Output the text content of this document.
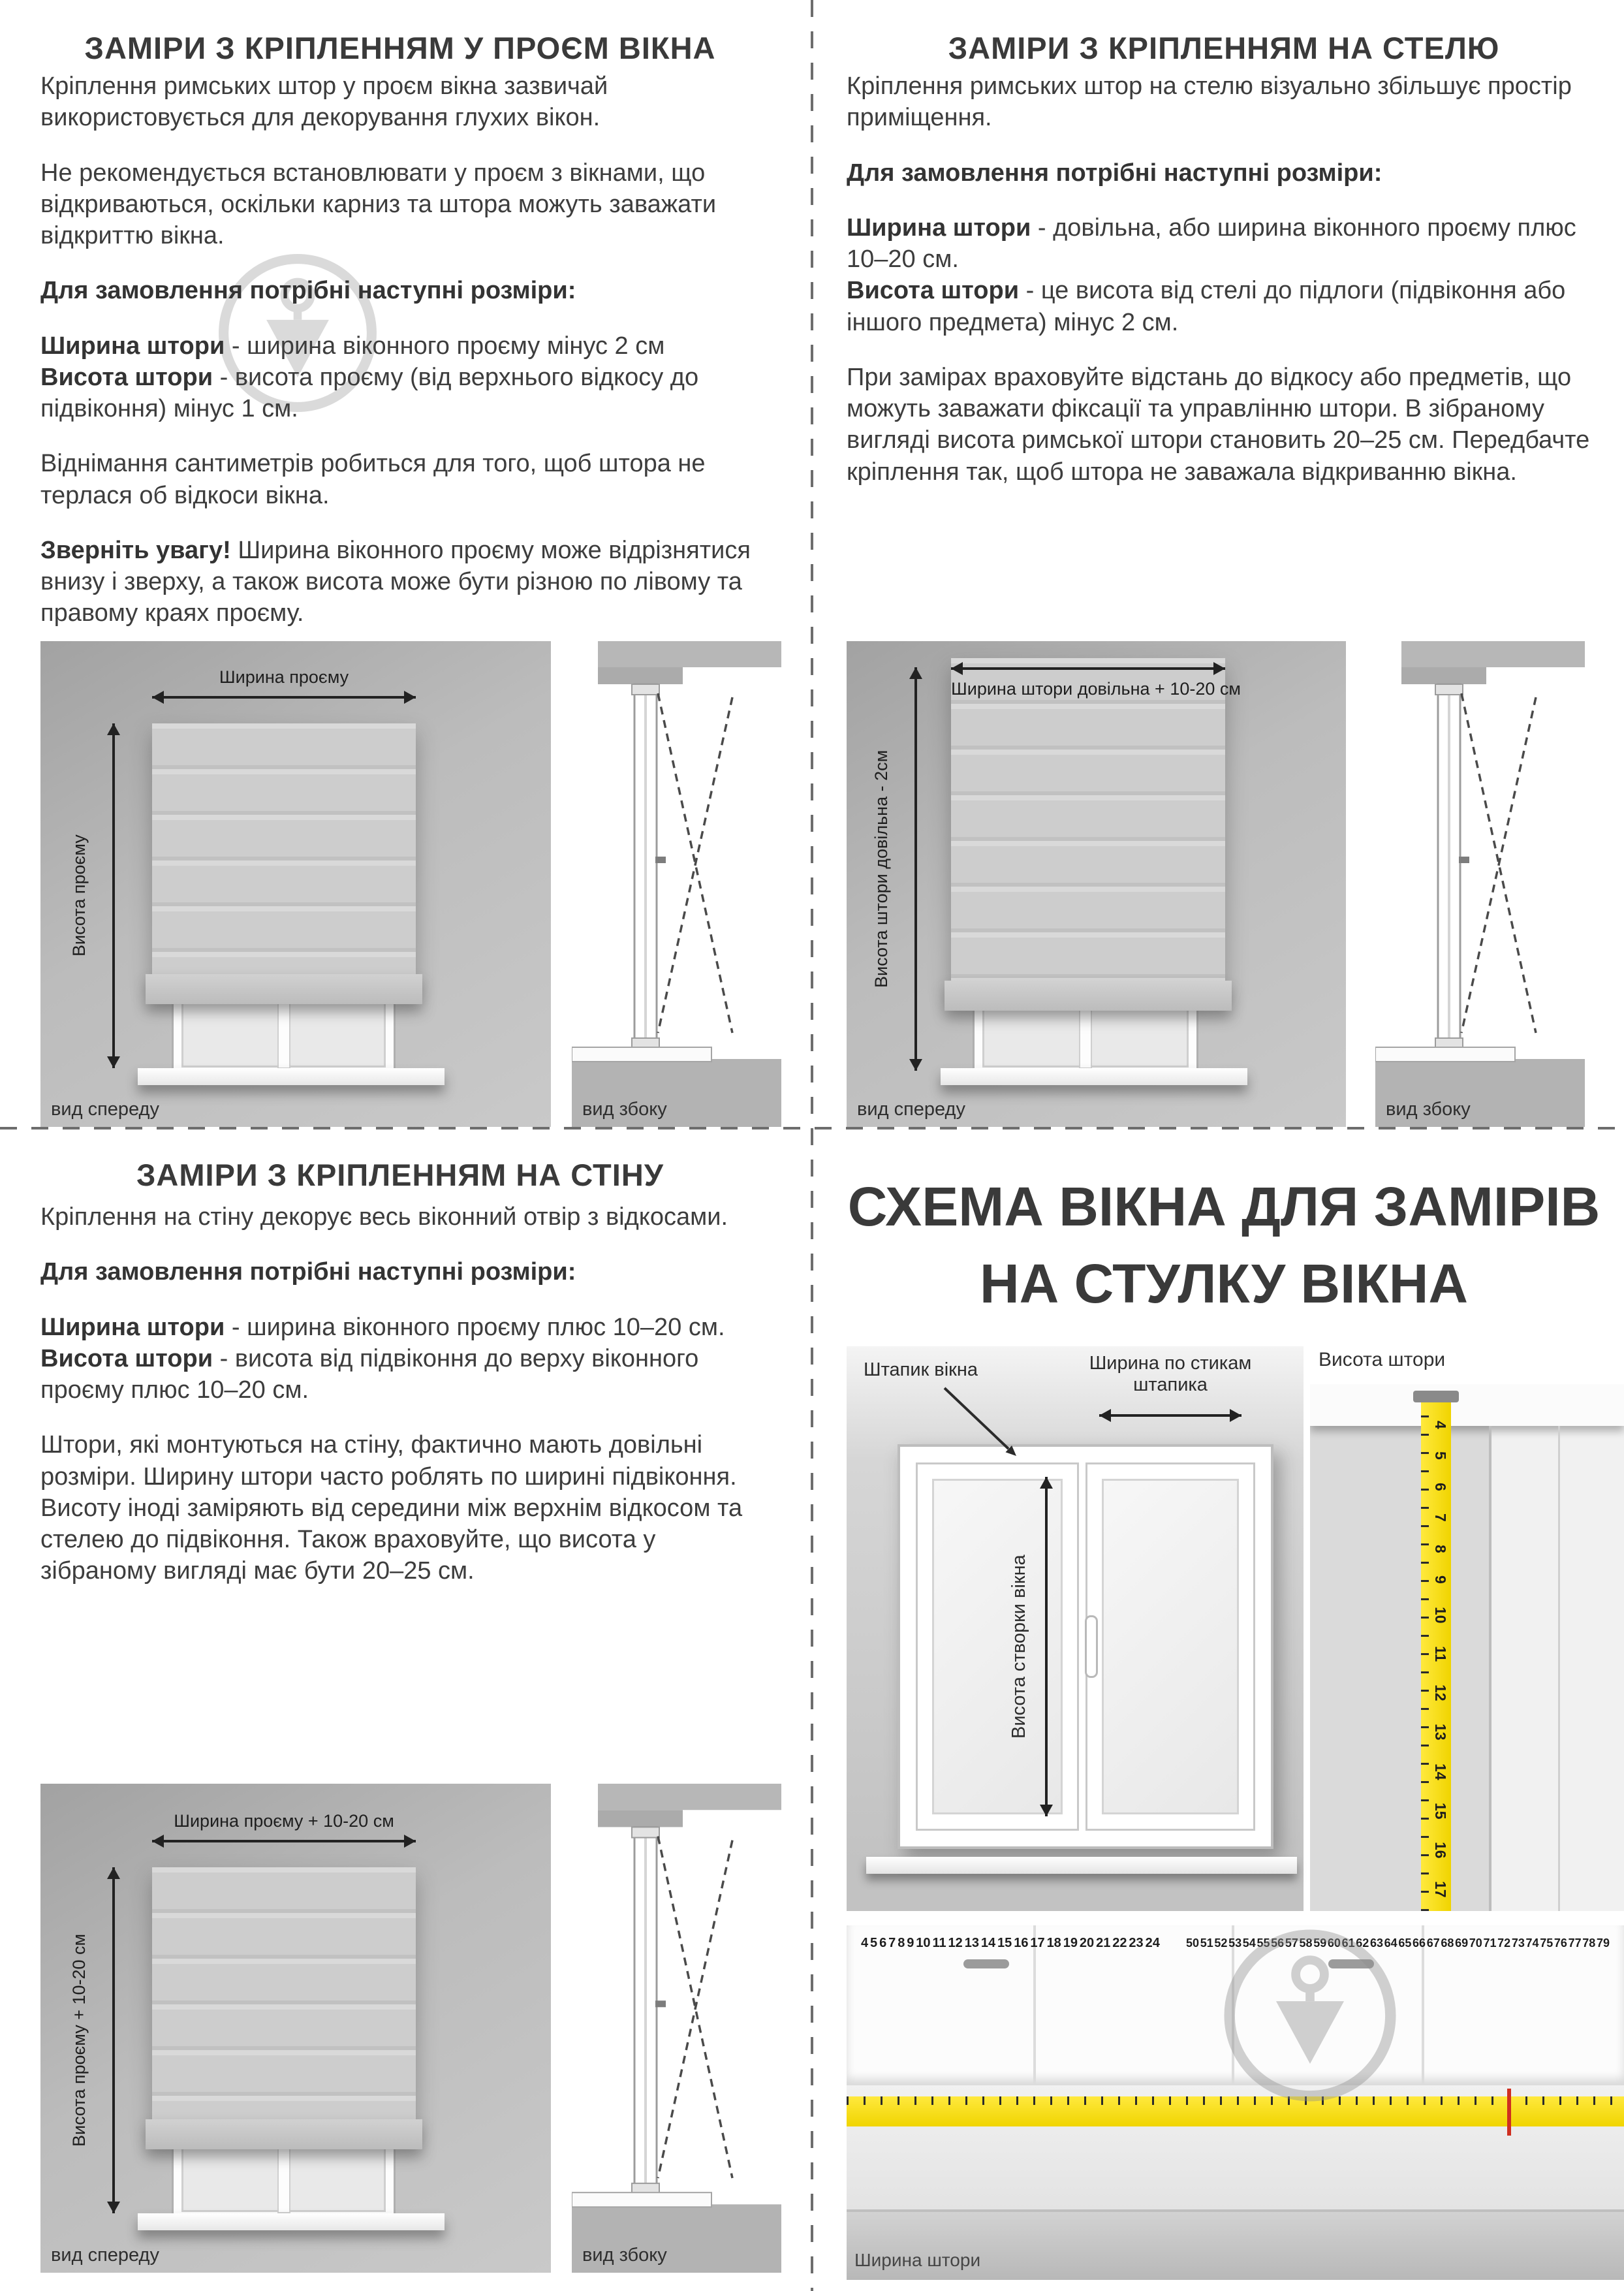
ЗАМІРИ З КРІПЛЕННЯМ У ПРОЄМ ВІКНА

Кріплення римських штор у проєм вікна зазвичай використовується для декорування глухих вікон.

Не рекомендується встановлювати у проєм з вікнами, що відкриваються, оскільки карниз та штора можуть заважати відкриттю вікна.

Для замовлення потрібні наступні розміри:

Ширина штори - ширина віконного проєму мінус 2 см

Висота штори - висота проєму (від верхнього відкосу до підвіконня) мінус 1 см.

Віднімання сантиметрів робиться для того, щоб штора не терлася об відкоси вікна.

Зверніть увагу! Ширина віконного проєму може відрізнятися внизу і зверху, а також висота може бути різною по лівому та правому краях проєму.

Ширина проєму
Висота проєму
вид спереду	вид збоку
ЗАМІРИ З КРІПЛЕННЯМ НА СТЕЛЮ

Кріплення римських штор на стелю візуально збільшує простір приміщення.

Для замовлення потрібні наступні розміри:

Ширина штори - довільна, або ширина віконного проєму плюс 10–20 см.

Висота штори - це висота від стелі до підлоги (підвіконня або іншого предмета) мінус 2 см.

При замірах враховуйте відстань до відкосу або предметів, що можуть заважати фіксації та управлінню штори. В зібраному вигляді висота римської штори становить 20–25 см. Передбачте кріплення так, щоб штора не заважала відкриванню вікна.

Ширина штори довільна + 10-20 см
Висота штори довільна - 2см
вид спереду	вид збоку
ЗАМІРИ З КРІПЛЕННЯМ НА СТІНУ

Кріплення на стіну декорує весь віконний отвір з відкосами.

Для замовлення потрібні наступні розміри:

Ширина штори - ширина віконного проєму плюс 10–20 см.

Висота штори - висота від підвіконня до верху віконного проєму плюс 10–20 см.

Штори, які монтуються на стіну, фактично мають довільні розміри. Ширину штори часто роблять по ширині підвіконня. Висоту іноді заміряють від середини між верхнім відкосом та стелею до підвіконня. Також враховуйте, що висота у зібраному вигляді має бути 20–25 см.

Ширина проєму + 10-20 см
Висота проєму + 10-20 см
вид спереду	вид збоку
СХЕМА ВІКНА ДЛЯ ЗАМІРІВ
НА СТУЛКУ ВІКНА
Штапик вікна	Ширина по стикам штапика
Висота створки вікна
Висота штори
4
5
6
7
8
9
10
11
12
13
14
15
16
17
4 5 6 7 8 9 10 11 12 13 14 15 16 17 18 19 20 21 22 23 24 50 51 52 53 54 55 56 57 58 59 60 61 62 63 64 65 66 67 68 69 70 71 72 73 74 75 76 77 78 79
Ширина штори
